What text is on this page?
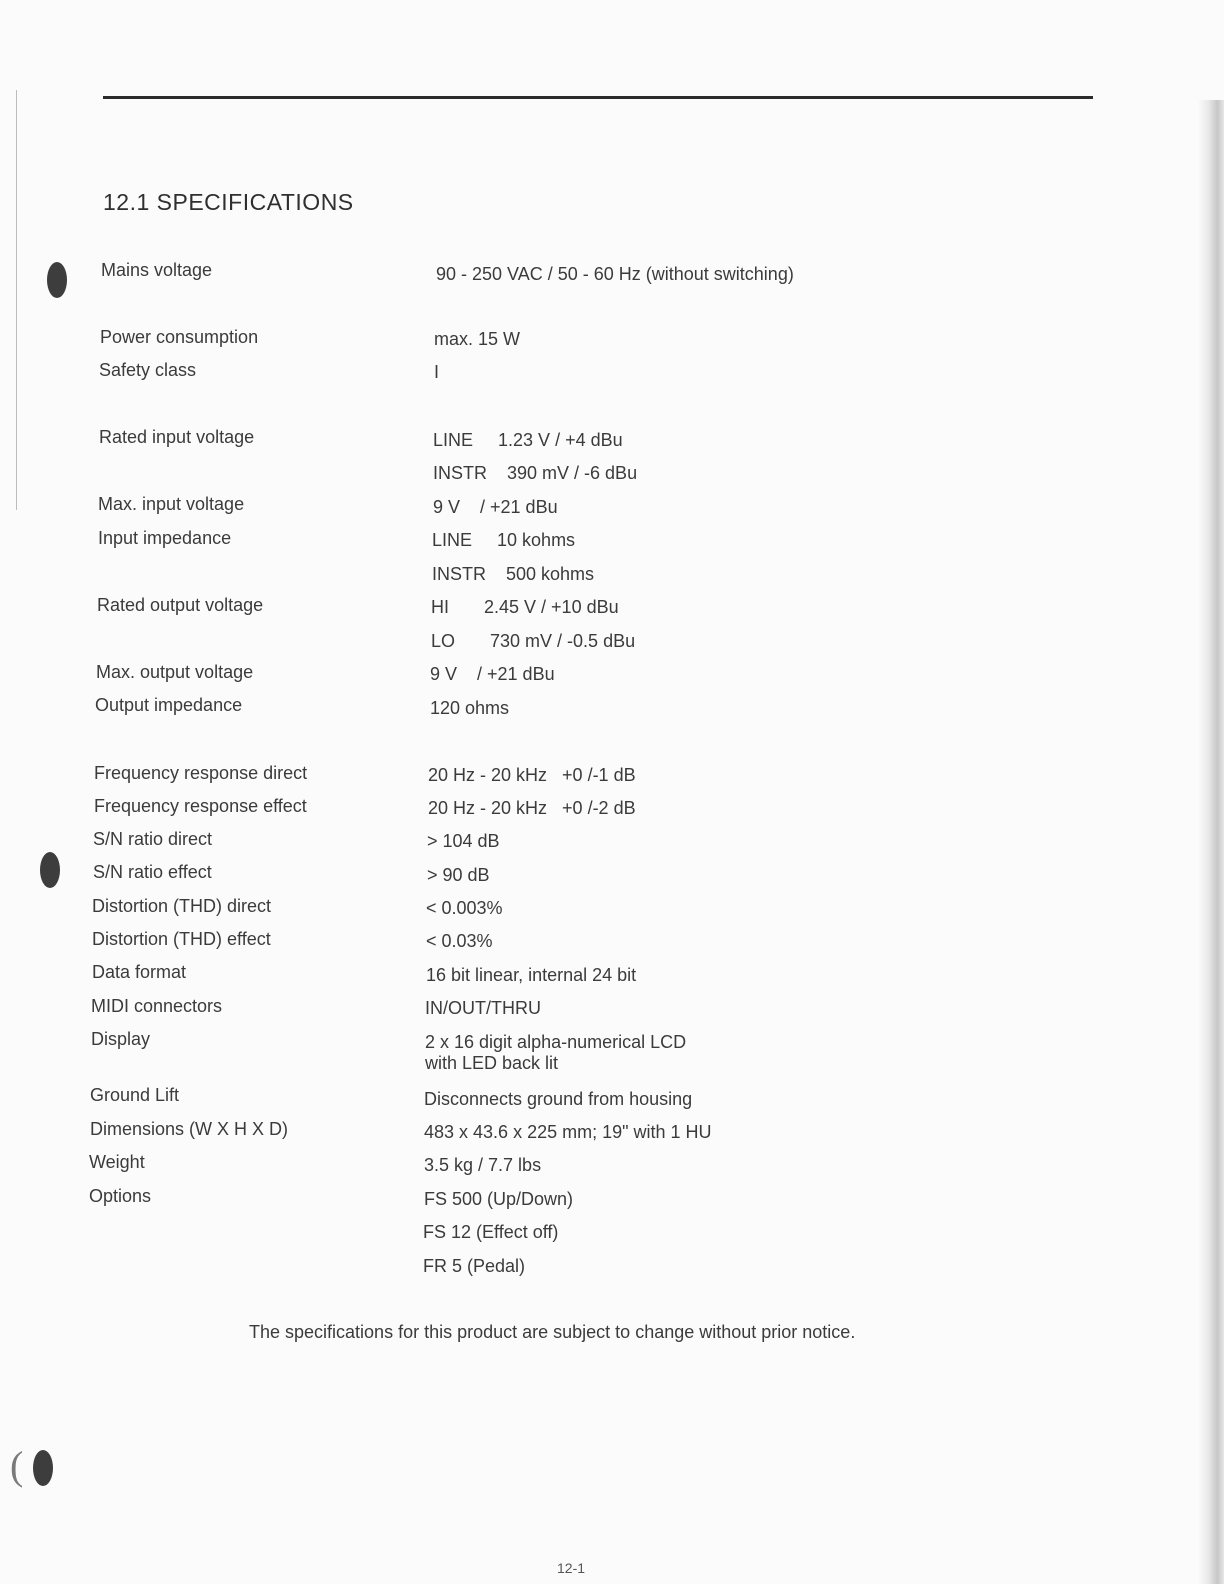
(
12.1 SPECIFICATIONS
Mains voltage	90 - 250 VAC / 50 - 60 Hz (without switching)
Power consumption	max. 15 W
Safety class	I
Rated input voltage	LINE     1.23 V / +4 dBu
INSTR    390 mV / -6 dBu
Max. input voltage	9 V    / +21 dBu
Input impedance	LINE     10 kohms
INSTR    500 kohms
Rated output voltage	HI       2.45 V / +10 dBu
LO       730 mV / -0.5 dBu
Max. output voltage	9 V    / +21 dBu
Output impedance	120 ohms
Frequency response direct	20 Hz - 20 kHz   +0 /-1 dB
Frequency response effect	20 Hz - 20 kHz   +0 /-2 dB
S/N ratio direct	> 104 dB
S/N ratio effect	> 90 dB
Distortion (THD) direct	< 0.003%
Distortion (THD) effect	< 0.03%
Data format	16 bit linear, internal 24 bit
MIDI connectors	IN/OUT/THRU
Display	2 x 16 digit alpha-numerical LCD
with LED back lit
Ground Lift	Disconnects ground from housing
Dimensions (W X H X D)	483 x 43.6 x 225 mm; 19" with 1 HU
Weight	3.5 kg / 7.7 lbs
Options	FS 500 (Up/Down)
FS 12 (Effect off)
FR 5 (Pedal)
The specifications for this product are subject to change without prior notice.
12-1
